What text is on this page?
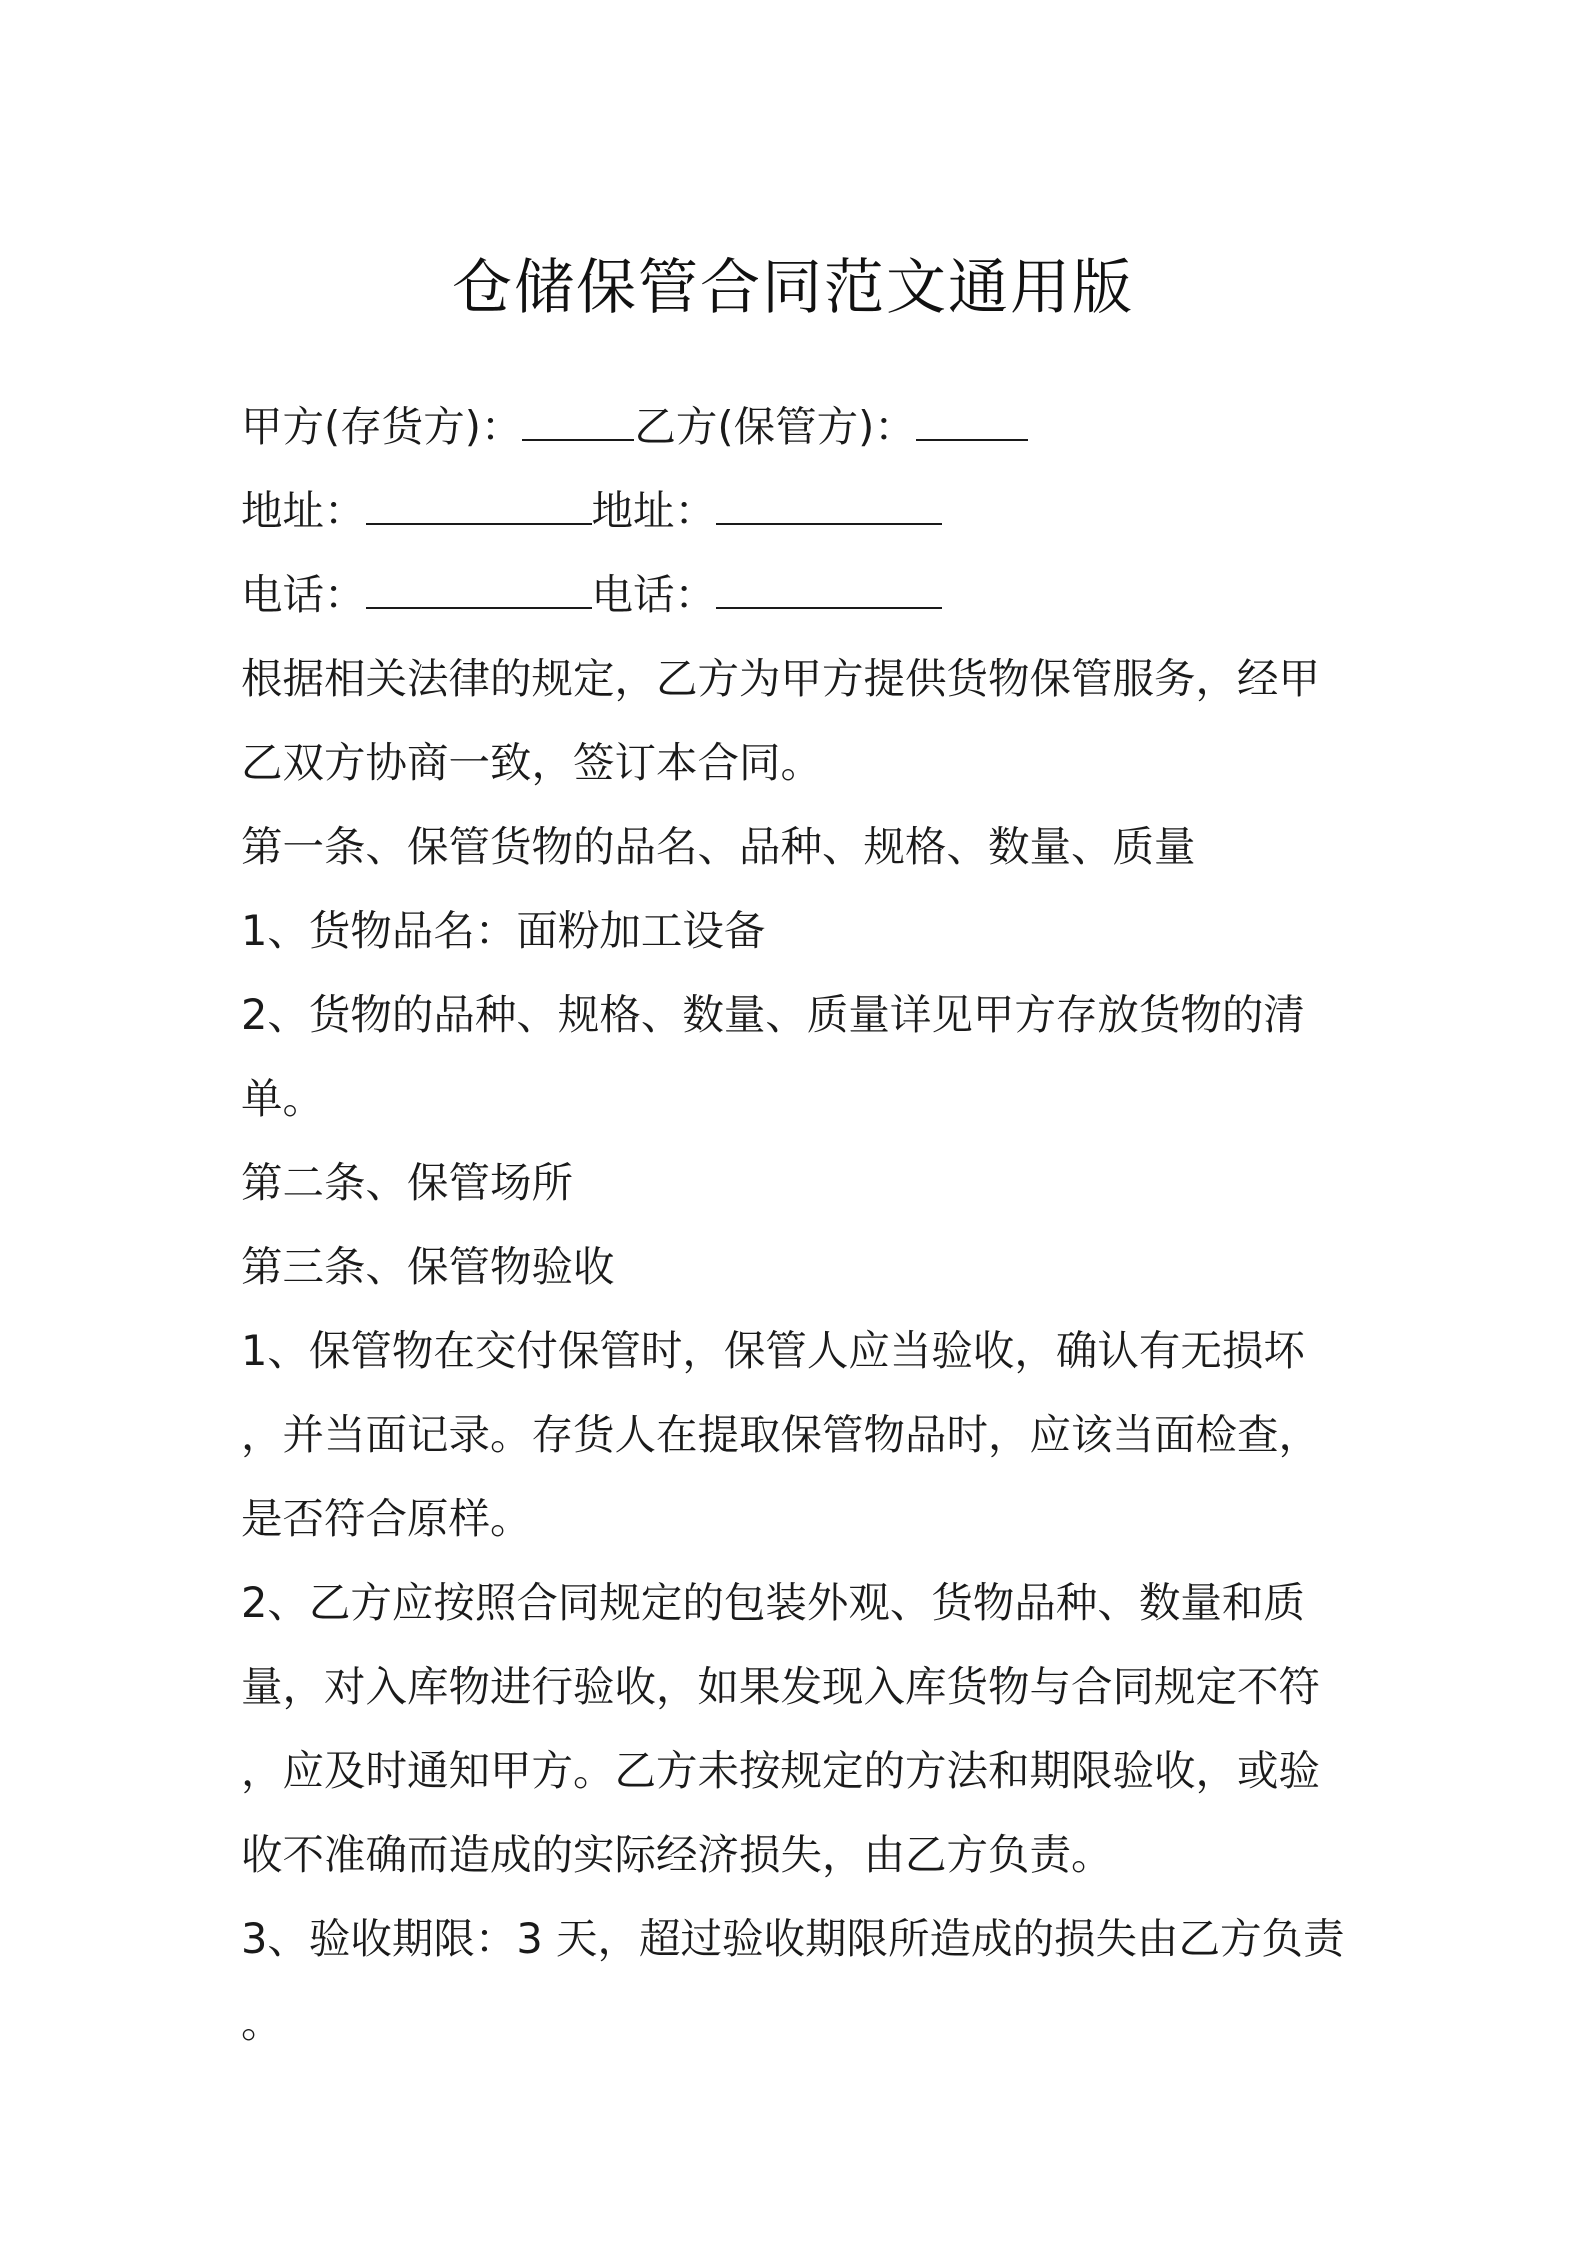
仓储保管合同范文通用版
甲方(存货方)：	乙方(保管方)：
地址：	地址：
电话：	电话：
根据相关法律的规定，乙方为甲方提供货物保管服务，经甲
乙双方协商一致，签订本合同。
第一条、保管货物的品名、品种、规格、数量、质量
1、货物品名：面粉加工设备
2、货物的品种、规格、数量、质量详见甲方存放货物的清
单。
第二条、保管场所
第三条、保管物验收
1、保管物在交付保管时，保管人应当验收，确认有无损坏
，并当面记录。存货人在提取保管物品时，应该当面检查，
是否符合原样。
2、乙方应按照合同规定的包装外观、货物品种、数量和质
量，对入库物进行验收，如果发现入库货物与合同规定不符
，应及时通知甲方。乙方未按规定的方法和期限验收，或验
收不准确而造成的实际经济损失，由乙方负责。
3、验收期限：3 天，超过验收期限所造成的损失由乙方负责
。
